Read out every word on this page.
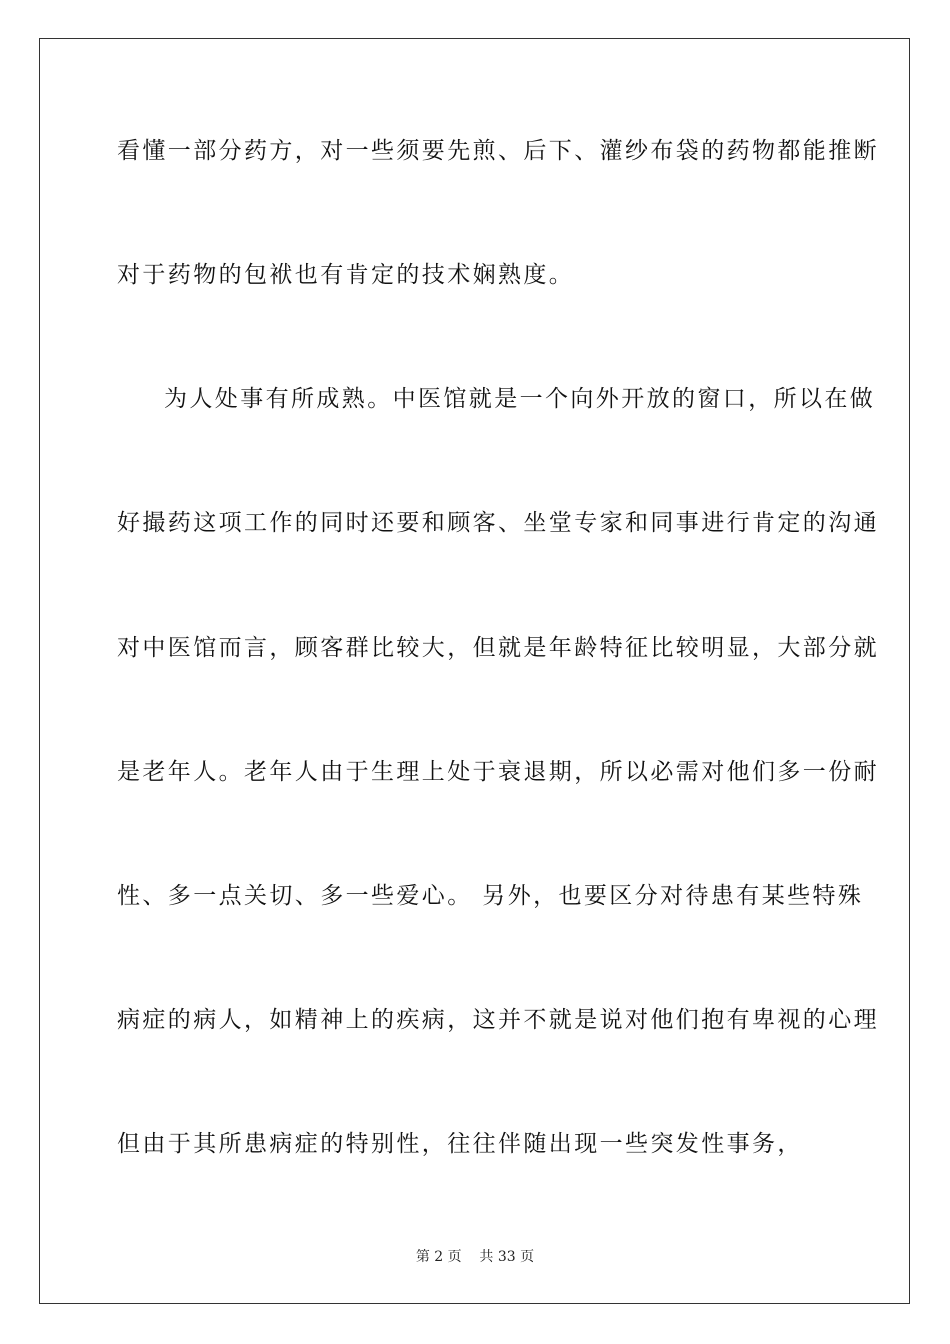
看懂一部分药方，对一些须要先煎、后下、灌纱布袋的药物都能推断
对于药物的包袱也有肯定的技术娴熟度。
为人处事有所成熟。中医馆就是一个向外开放的窗口，所以在做
好撮药这项工作的同时还要和顾客、坐堂专家和同事进行肯定的沟通
对中医馆而言，顾客群比较大，但就是年龄特征比较明显，大部分就
是老年人。老年人由于生理上处于衰退期，所以必需对他们多一份耐
性、多一点关切、多一些爱心。 另外，也要区分对待患有某些特殊
病症的病人，如精神上的疾病，这并不就是说对他们抱有卑视的心理
但由于其所患病症的特别性，往往伴随出现一些突发性事务，
第 2 页    共 33 页
